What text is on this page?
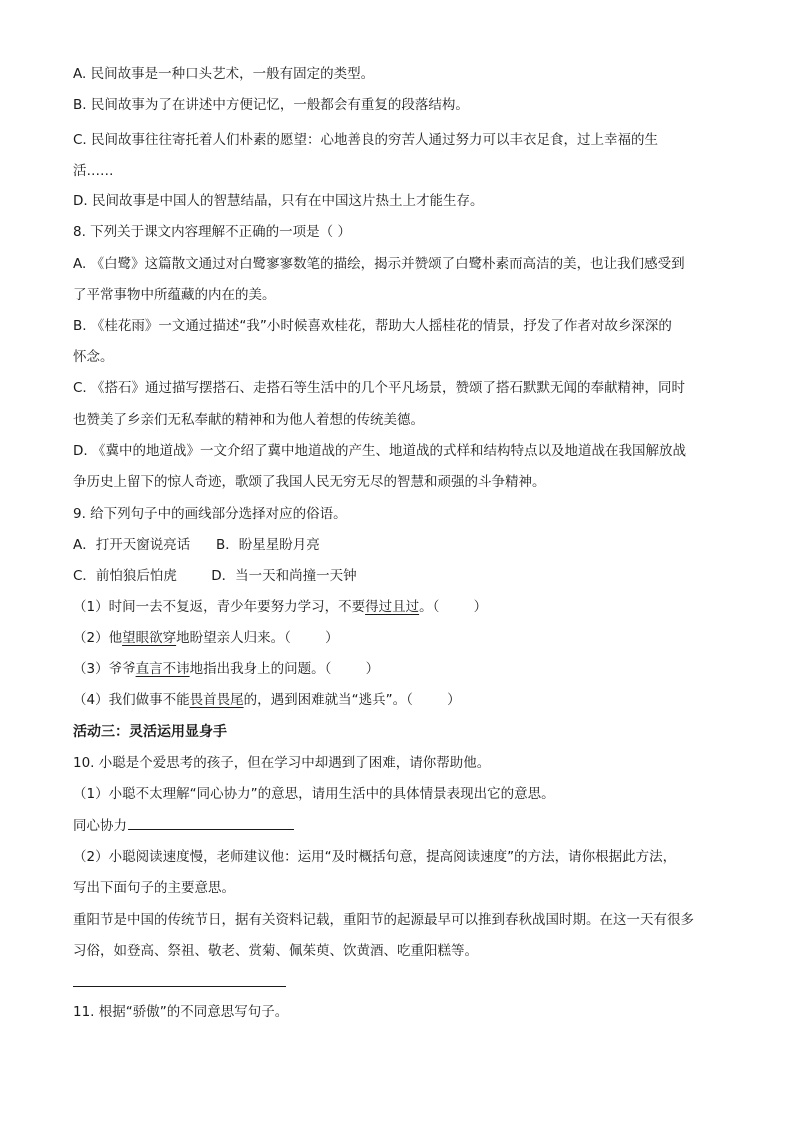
A. 民间故事是一种口头艺术，一般有固定的类型。
B. 民间故事为了在讲述中方便记忆，一般都会有重复的段落结构。
C. 民间故事往往寄托着人们朴素的愿望：心地善良的穷苦人通过努力可以丰衣足食，过上幸福的生
活……
D. 民间故事是中国人的智慧结晶，只有在中国这片热土上才能生存。
8. 下列关于课文内容理解不正确的一项是（ ）
A. 《白鹭》这篇散文通过对白鹭寥寥数笔的描绘，揭示并赞颂了白鹭朴素而高洁的美，也让我们感受到
了平常事物中所蕴藏的内在的美。
B. 《桂花雨》一文通过描述“我”小时候喜欢桂花，帮助大人摇桂花的情景，抒发了作者对故乡深深的
怀念。
C. 《搭石》通过描写摆搭石、走搭石等生活中的几个平凡场景，赞颂了搭石默默无闻的奉献精神，同时
也赞美了乡亲们无私奉献的精神和为他人着想的传统美德。
D. 《冀中的地道战》一文介绍了冀中地道战的产生、地道战的式样和结构特点以及地道战在我国解放战
争历史上留下的惊人奇迹，歌颂了我国人民无穷无尽的智慧和顽强的斗争精神。
9. 给下列句子中的画线部分选择对应的俗语。
A．打开天窗说亮话      B．盼星星盼月亮
C．前怕狼后怕虎        D．当一天和尚撞一天钟
（1）时间一去不复返，青少年要努力学习，不要得过且过。（        ）
（2）他望眼欲穿地盼望亲人归来。（        ）
（3）爷爷直言不讳地指出我身上的问题。（        ）
（4）我们做事不能畏首畏尾的，遇到困难就当“逃兵”。（        ）
活动三：灵活运用显身手
10. 小聪是个爱思考的孩子，但在学习中却遇到了困难，请你帮助他。
（1）小聪不太理解“同心协力”的意思，请用生活中的具体情景表现出它的意思。
同心协力
（2）小聪阅读速度慢，老师建议他：运用“及时概括句意，提高阅读速度”的方法，请你根据此方法，
写出下面句子的主要意思。
重阳节是中国的传统节日，据有关资料记载，重阳节的起源最早可以推到春秋战国时期。在这一天有很多
习俗，如登高、祭祖、敬老、赏菊、佩茱萸、饮黄酒、吃重阳糕等。
11. 根据“骄傲”的不同意思写句子。
